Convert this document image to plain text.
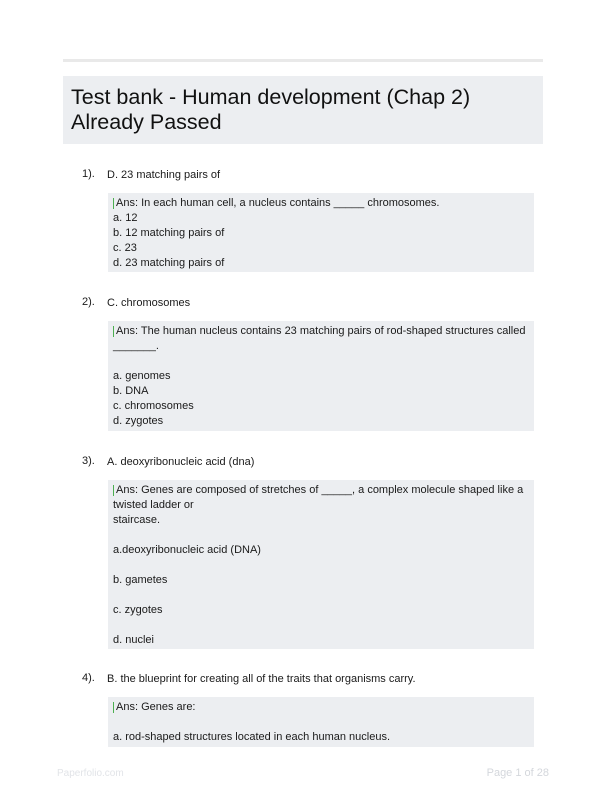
Test bank - Human development (Chap 2)
Already Passed
1). D. 23 matching pairs of
Ans: In each human cell, a nucleus contains _____ chromosomes.
a. 12
b. 12 matching pairs of
c. 23
d. 23 matching pairs of
2). C. chromosomes
Ans: The human nucleus contains 23 matching pairs of rod-shaped structures called
_______.
a. genomes
b. DNA
c. chromosomes
d. zygotes
3). A. deoxyribonucleic acid (dna)
Ans: Genes are composed of stretches of _____, a complex molecule shaped like a
twisted ladder or
staircase.
a.deoxyribonucleic acid (DNA)
b. gametes
c. zygotes
d. nuclei
4). B. the blueprint for creating all of the traits that organisms carry.
Ans: Genes are:
a. rod-shaped structures located in each human nucleus.
Paperfolio.com	Page 1 of 28
